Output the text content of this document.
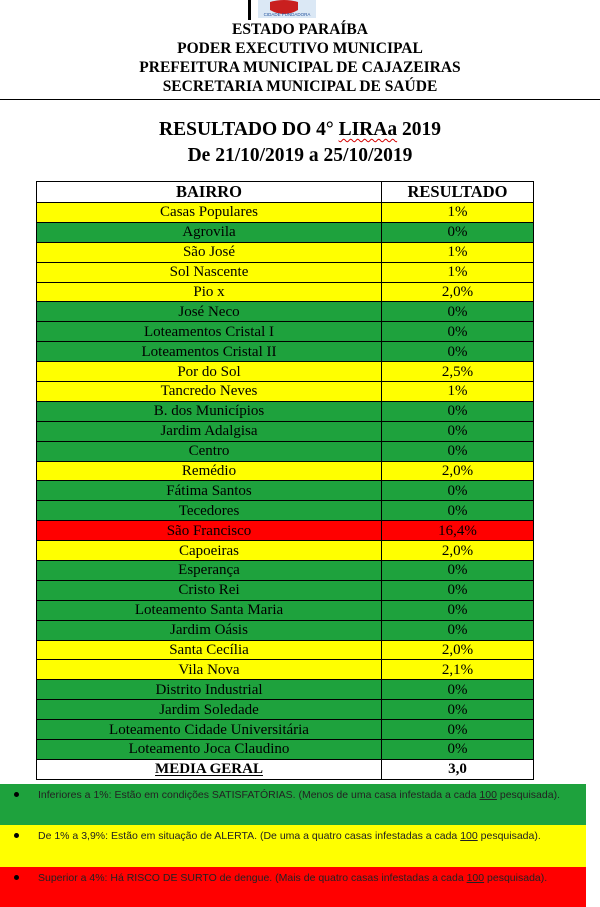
CIDADE FUNDADORA
ESTADO PARAÍBA
PODER EXECUTIVO MUNICIPAL
PREFEITURA MUNICIPAL DE CAJAZEIRAS
SECRETARIA MUNICIPAL DE SAÚDE
RESULTADO DO 4° LIRAa 2019
De 21/10/2019 a 25/10/2019
BAIRRO	RESULTADO
Casas Populares	1%
Agrovila	0%
São José	1%
Sol Nascente	1%
Pio x	2,0%
José Neco	0%
Loteamentos Cristal I	0%
Loteamentos Cristal II	0%
Por do Sol	2,5%
Tancredo Neves	1%
B. dos Municípios	0%
Jardim Adalgisa	0%
Centro	0%
Remédio	2,0%
Fátima Santos	0%
Tecedores	0%
São Francisco	16,4%
Capoeiras	2,0%
Esperança	0%
Cristo Rei	0%
Loteamento Santa Maria	0%
Jardim Oásis	0%
Santa Cecília	2,0%
Vila Nova	2,1%
Distrito Industrial	0%
Jardim Soledade	0%
Loteamento Cidade Universitária	0%
Loteamento Joca Claudino	0%
MEDIA GERAL	3,0
Inferiores a 1%: Estão em condições SATISFATÓRIAS. (Menos de uma casa infestada a cada 100 pesquisada).
De 1% a 3,9%: Estão em situação de ALERTA. (De uma a quatro casas infestadas a cada 100 pesquisada).
Superior a 4%: Há RISCO DE SURTO de dengue. (Mais de quatro casas infestadas a cada 100 pesquisada).
